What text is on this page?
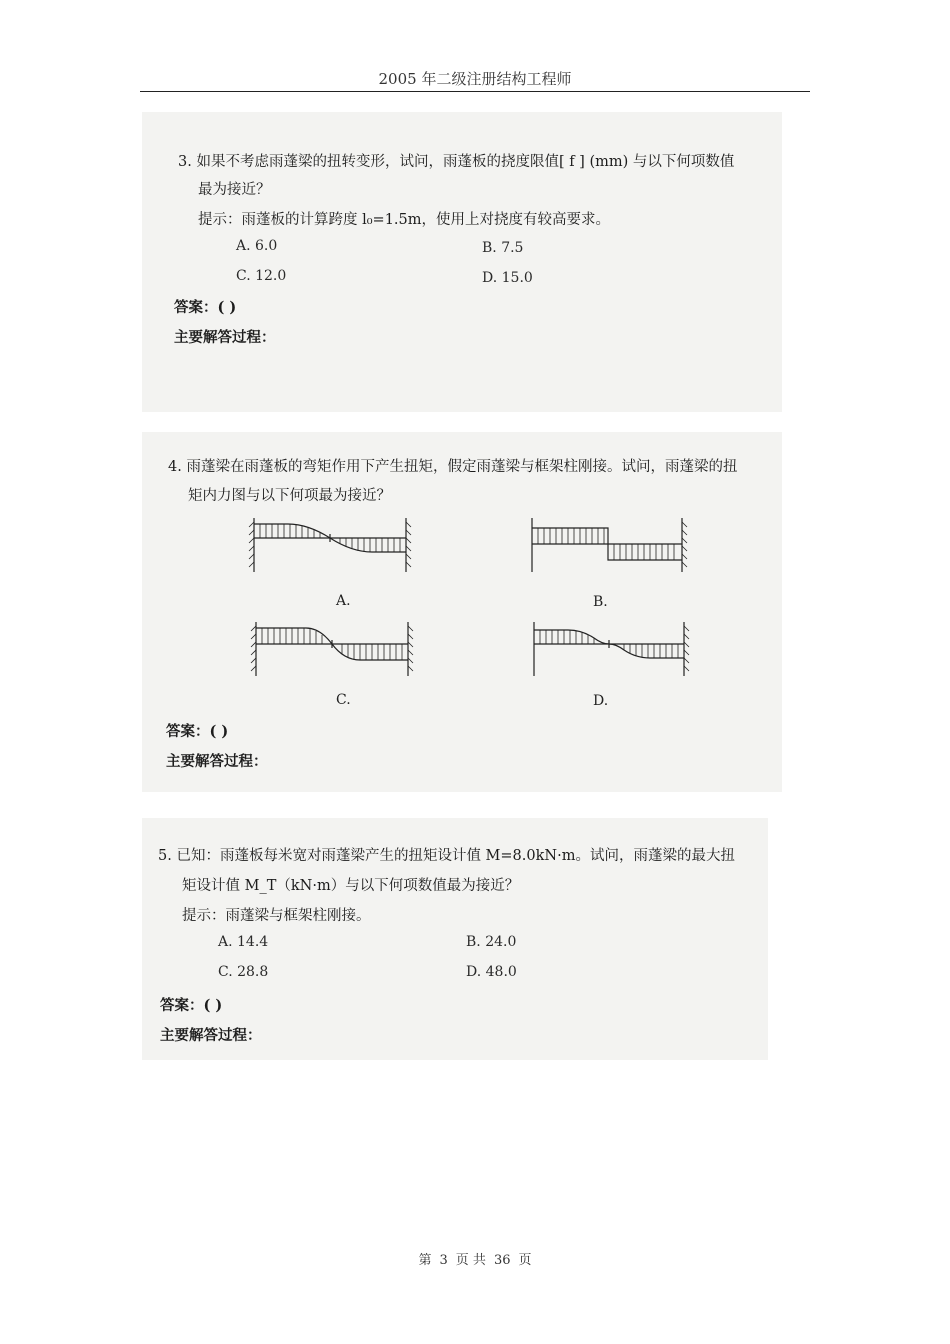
2005 年二级注册结构工程师
3. 如果不考虑雨蓬梁的扭转变形，试问，雨蓬板的挠度限值[ f ] (mm) 与以下何项数值
最为接近？
提示：雨蓬板的计算跨度 l₀=1.5m，使用上对挠度有较高要求。
A. 6.0	B. 7.5
C. 12.0	D. 15.0
答案：( )
主要解答过程：
4. 雨蓬梁在雨蓬板的弯矩作用下产生扭矩，假定雨蓬梁与框架柱刚接。试问，雨蓬梁的扭
矩内力图与以下何项最为接近？
A.	B.
C.	D.
答案：( )
主要解答过程：
5. 已知：雨蓬板每米宽对雨蓬梁产生的扭矩设计值 M=8.0kN·m。试问，雨蓬梁的最大扭
矩设计值 M_T（kN·m）与以下何项数值最为接近？
提示：雨蓬梁与框架柱刚接。
A. 14.4	B. 24.0
C. 28.8	D. 48.0
答案：( )
主要解答过程：
第 3 页 共 36 页
